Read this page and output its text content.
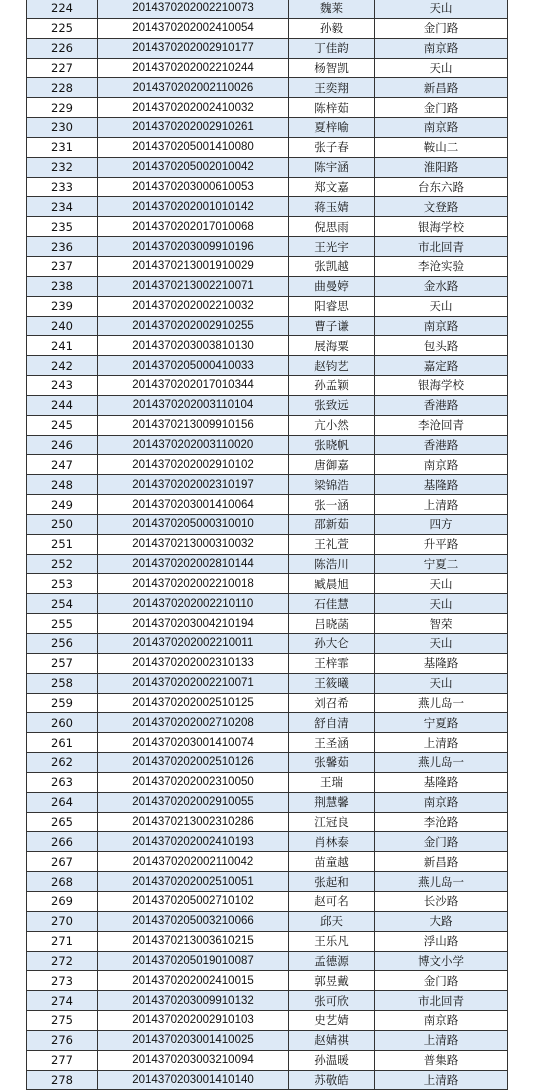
224	2014370202002210073	魏莱	天山
225	2014370202002410054	孙毅	金门路
226	2014370202002910177	丁佳韵	南京路
227	2014370202002210244	杨智凯	天山
228	2014370202002110026	王奕翔	新昌路
229	2014370202002410032	陈梓茹	金门路
230	2014370202002910261	夏梓喻	南京路
231	2014370205001410080	张子春	鞍山二
232	2014370205002010042	陈宇涵	淮阳路
233	2014370203000610053	郑文嘉	台东六路
234	2014370202001010142	蒋玉婧	文登路
235	2014370202017010068	倪思雨	银海学校
236	2014370203009910196	王光宇	市北回青
237	2014370213001910029	张凯越	李沧实验
238	2014370213002210071	曲曼婷	金水路
239	2014370202002210032	阳睿思	天山
240	2014370202002910255	曹子谦	南京路
241	2014370203003810130	展海粟	包头路
242	2014370205000410033	赵钧艺	嘉定路
243	2014370202017010344	孙孟颖	银海学校
244	2014370202003110104	张致远	香港路
245	2014370213009910156	亢小然	李沧回青
246	2014370202003110020	张晓帆	香港路
247	2014370202002910102	唐御嘉	南京路
248	2014370202002310197	梁锦浩	基隆路
249	2014370203001410064	张一涵	上清路
250	2014370205000310010	邵新茹	四方
251	2014370213000310032	王礼萱	升平路
252	2014370202002810144	陈浩川	宁夏二
253	2014370202002210018	臧晨旭	天山
254	2014370202002210110	石佳慧	天山
255	2014370203004210194	吕晓菡	智荣
256	2014370202002210011	孙大仑	天山
257	2014370202002310133	王梓霏	基隆路
258	2014370202002210071	王筱曦	天山
259	2014370202002510125	刘召希	燕儿岛一
260	2014370202002710208	舒自清	宁夏路
261	2014370203001410074	王圣涵	上清路
262	2014370202002510126	张馨茹	燕儿岛一
263	2014370202002310050	王瑞	基隆路
264	2014370202002910055	荆慧馨	南京路
265	2014370213002310286	江冠良	李沧路
266	2014370202002410193	肖林泰	金门路
267	2014370202002110042	苗童越	新昌路
268	2014370202002510051	张起和	燕儿岛一
269	2014370205002710102	赵可名	长沙路
270	2014370205003210066	邱天	大路
271	2014370213003610215	王乐凡	浮山路
272	2014370205019010087	孟德源	博文小学
273	2014370202002410015	郭昱戴	金门路
274	2014370203009910132	张可欣	市北回青
275	2014370202002910103	史艺婧	南京路
276	2014370203001410025	赵婧祺	上清路
277	2014370203003210094	孙温暖	普集路
278	2014370203001410140	苏敬皓	上清路
